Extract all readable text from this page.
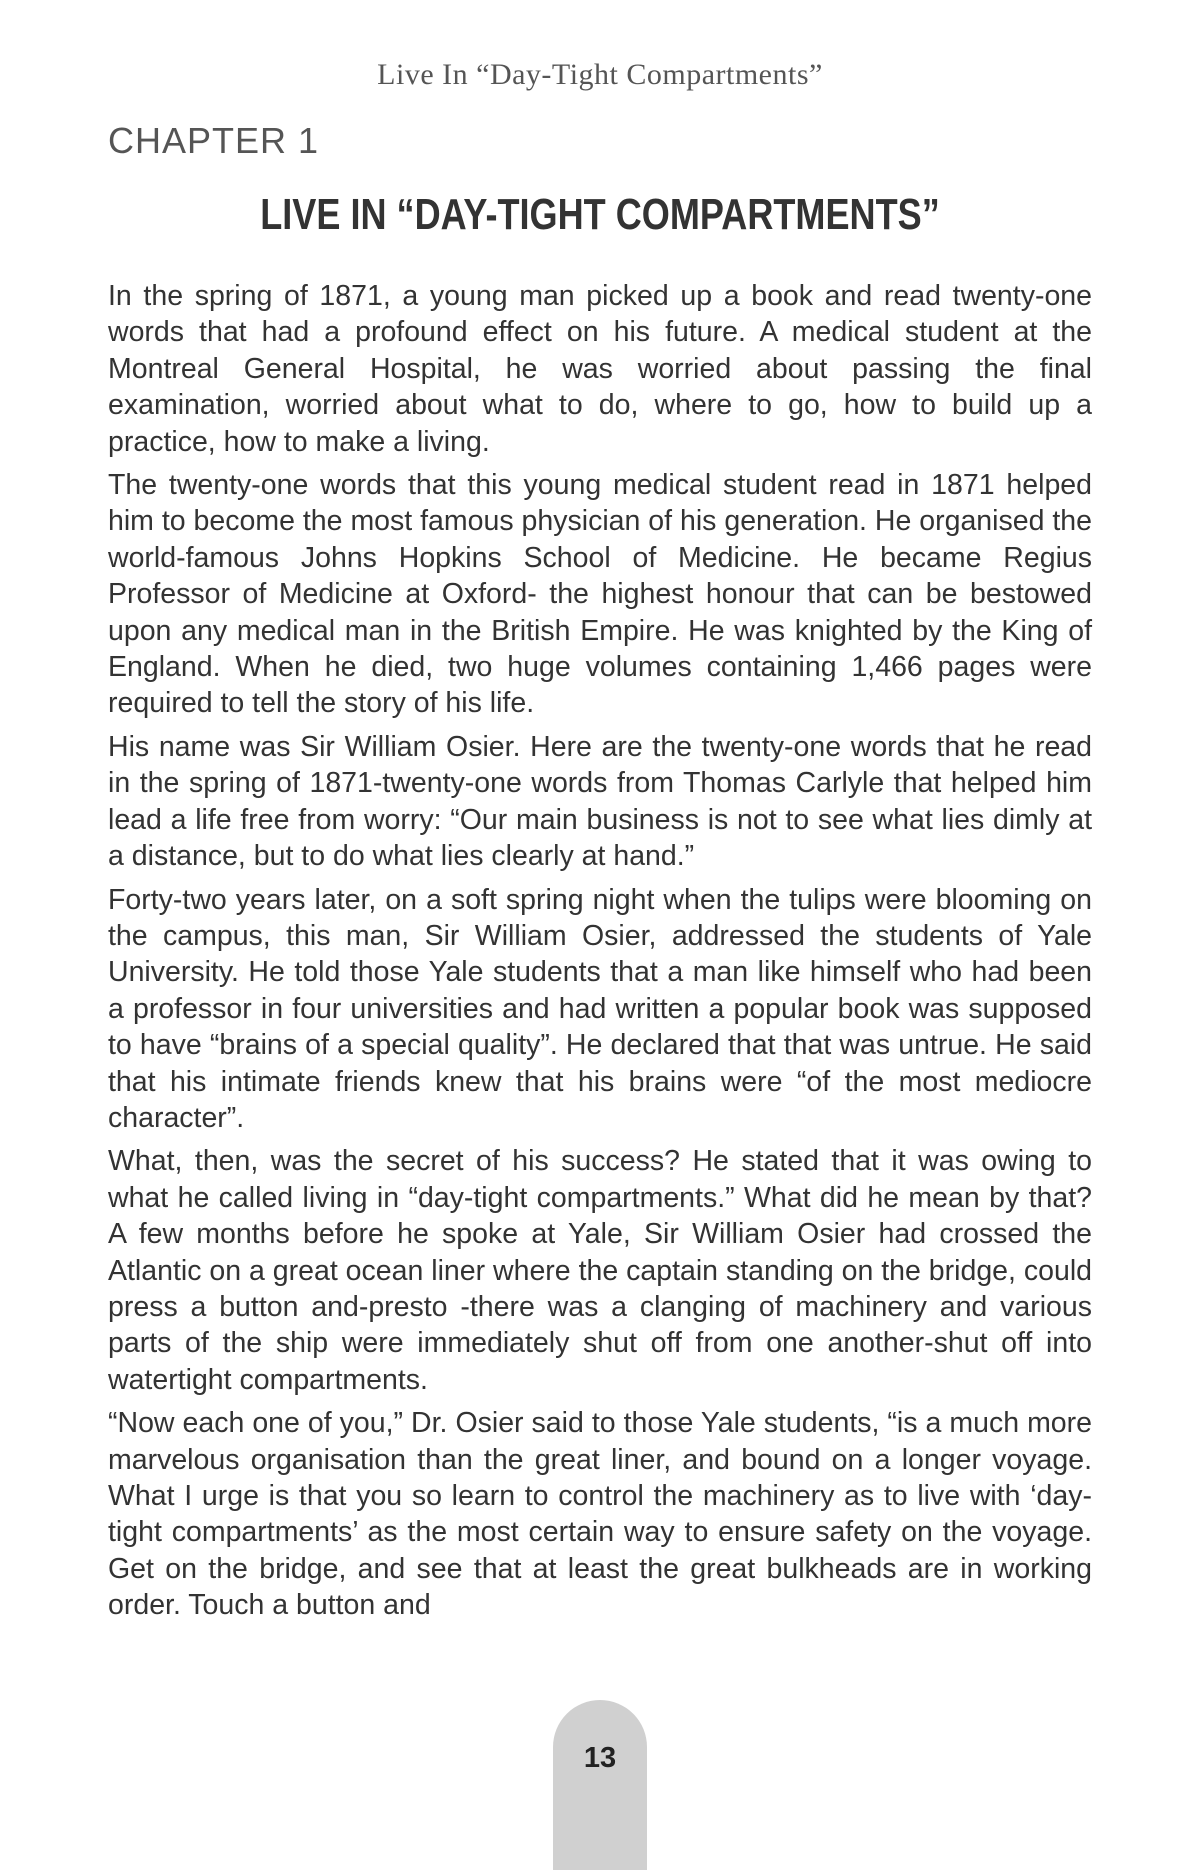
Live In “Day-Tight Compartments”
CHAPTER 1
LIVE IN “DAY-TIGHT COMPARTMENTS”

In the spring of 1871, a young man picked up a book and read twenty-one words that had a profound effect on his future. A medical student at the Montreal General Hospital, he was worried about passing the final examination, worried about what to do, where to go, how to build up a practice, how to make a living.

The twenty-one words that this young medical student read in 1871 helped him to become the most famous physician of his generation. He organised the world-famous Johns Hopkins School of Medicine. He became Regius Professor of Medicine at Oxford- the highest honour that can be bestowed upon any medical man in the British Empire. He was knighted by the King of England. When he died, two huge volumes containing 1,466 pages were required to tell the story of his life.

His name was Sir William Osier. Here are the twenty-one words that he read in the spring of 1871-twenty-one words from Thomas Carlyle that helped him lead a life free from worry: “Our main business is not to see what lies dimly at a distance, but to do what lies clearly at hand.”

Forty-two years later, on a soft spring night when the tulips were blooming on the campus, this man, Sir William Osier, addressed the students of Yale University. He told those Yale students that a man like himself who had been a professor in four universities and had written a popular book was supposed to have “brains of a special quality”. He declared that that was untrue. He said that his intimate friends knew that his brains were “of the most mediocre character”.

What, then, was the secret of his success? He stated that it was owing to what he called living in “day-tight compartments.” What did he mean by that? A few months before he spoke at Yale, Sir William Osier had crossed the Atlantic on a great ocean liner where the captain standing on the bridge, could press a button and-presto -there was a clanging of machinery and various parts of the ship were immediately shut off from one another-shut off into watertight compartments.

“Now each one of you,” Dr. Osier said to those Yale students, “is a much more marvelous organisation than the great liner, and bound on a longer voyage. What I urge is that you so learn to control the machinery as to live with ‘day-tight compartments’ as the most certain way to ensure safety on the voyage. Get on the bridge, and see that at least the great bulkheads are in working order. Touch a button and

13
